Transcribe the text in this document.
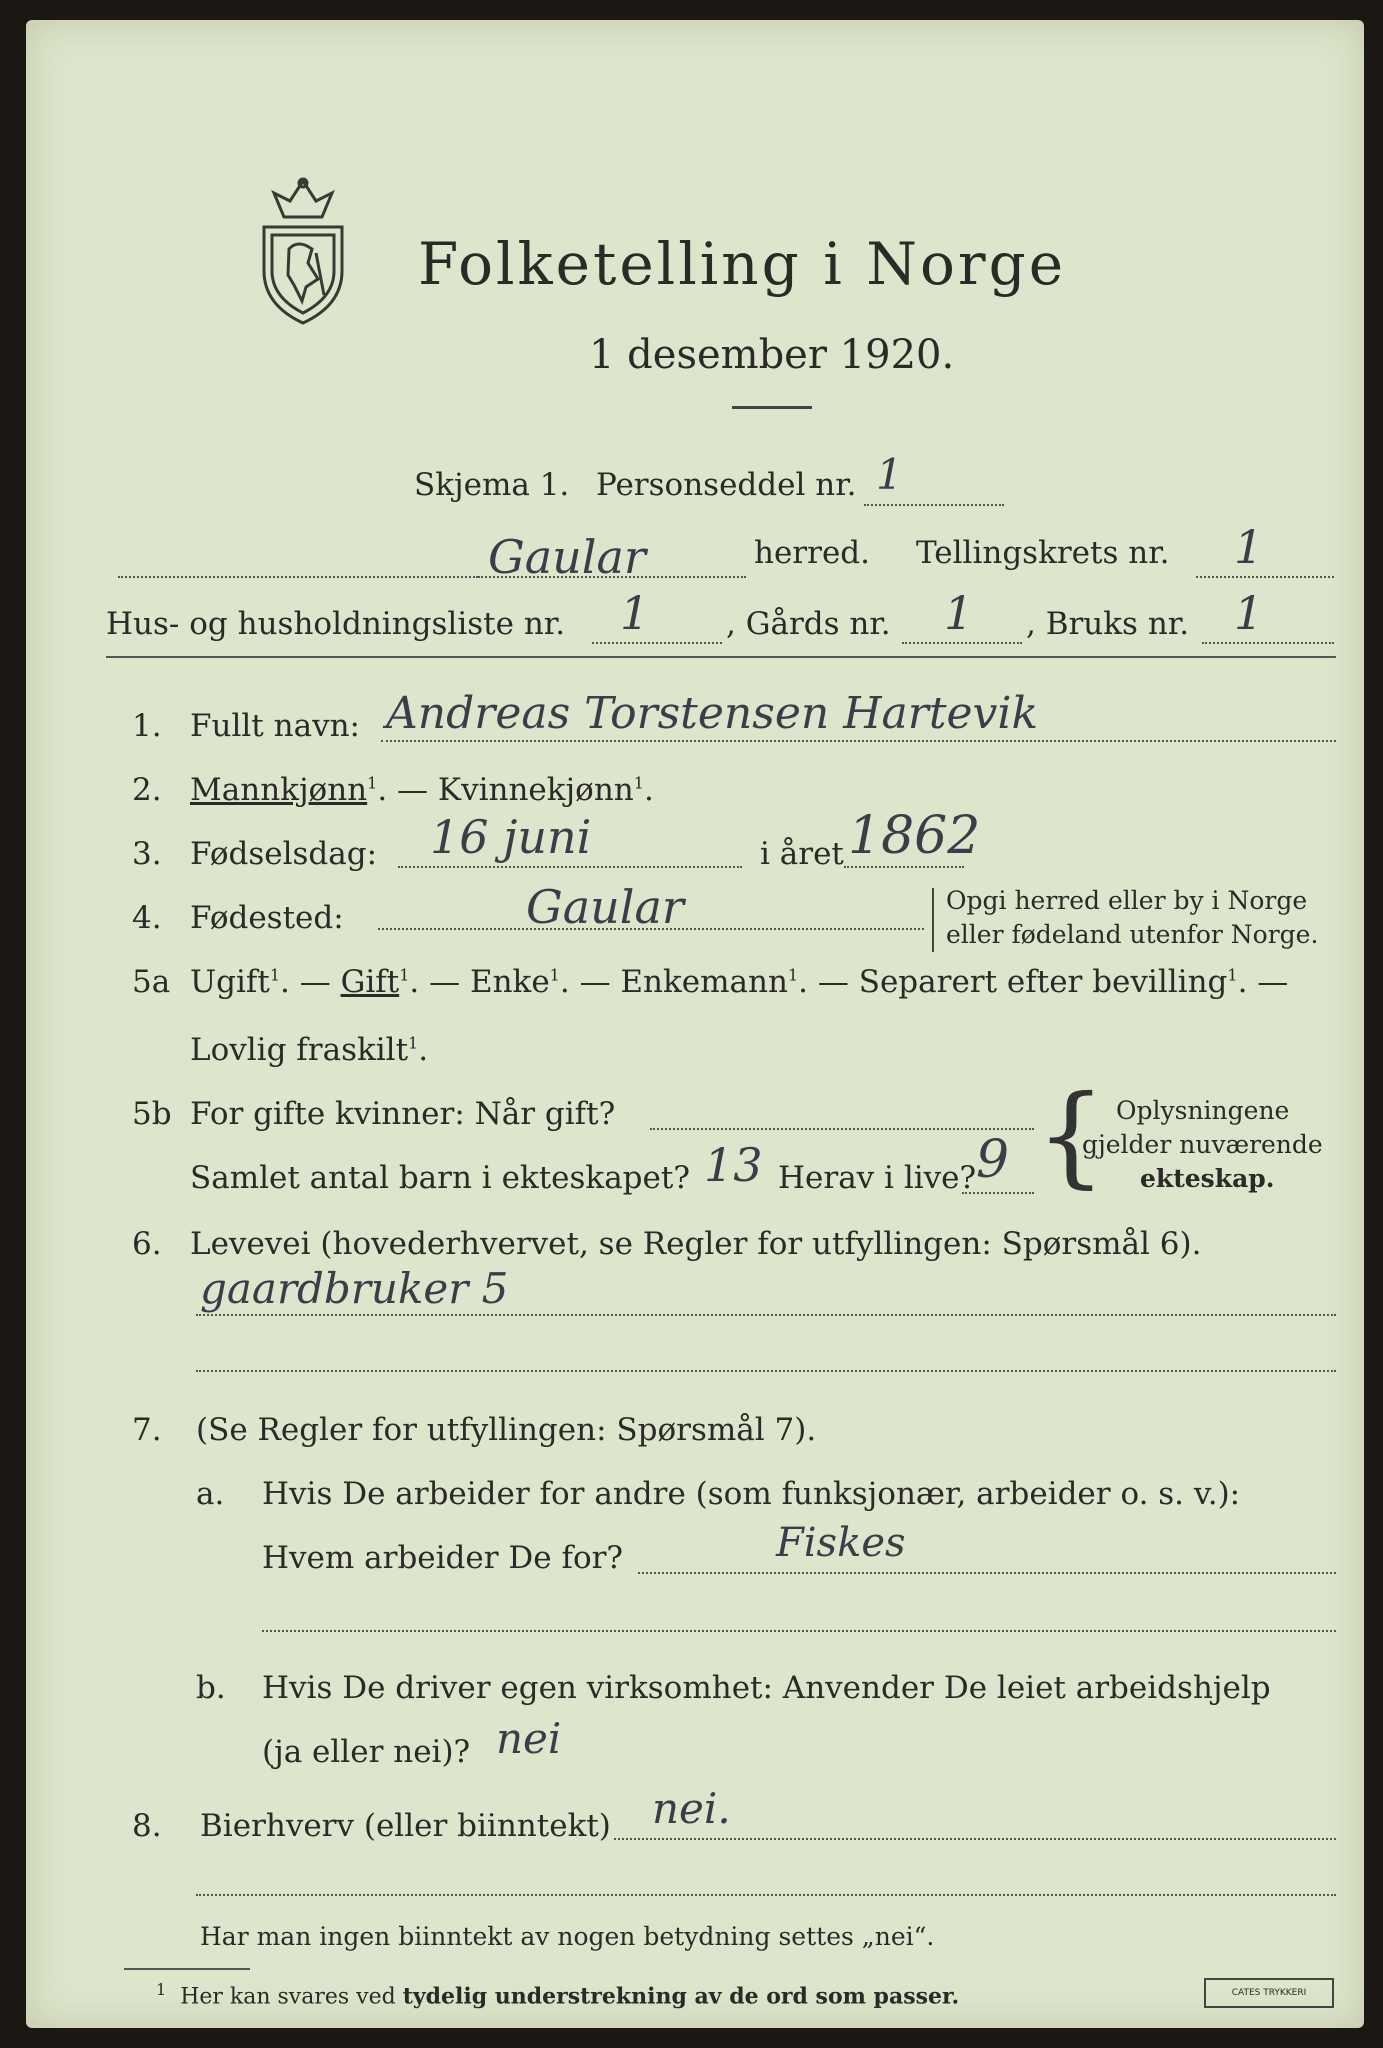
Folketelling i Norge
1 desember 1920.
Skjema 1. Personseddel nr. 1
Gaular	herred. Tellingskrets nr. 1
Hus- og husholdningsliste nr. 1 , Gårds nr. 1 , Bruks nr. 1
1. Fullt navn: Andreas Torstensen Hartevik
2. Mannkjønn$^1$. — Kvinnekjønn$^1$.
3. Fødselsdag: 16 juni	i året 1862
4. Fødested:	Gaular	Opgi herred eller by i Norge
eller fødeland utenfor Norge.
5a Ugift$^1$. — Gift$^1$. — Enke$^1$. — Enkemann$^1$. — Separert efter bevilling$^1$. —
Lovlig fraskilt$^1$.
5b For gifte kvinner: Når gift?
Samlet antal barn i ekteskapet? 13 Herav i live? 9 { Oplysningene
gjelder nuværende
ekteskap.
6. Levevei (hovederhvervet, se Regler for utfyllingen: Spørsmål 6).
gaardbruker 5
7. (Se Regler for utfyllingen: Spørsmål 7).
a. Hvis De arbeider for andre (som funksjonær, arbeider o. s. v.):
Hvem arbeider De for?	Fiskes
b. Hvis De driver egen virksomhet: Anvender De leiet arbeidshjelp
(ja eller nei)? nei
8. Bierhverv (eller biinntekt) nei.
Har man ingen biinntekt av nogen betydning settes „nei“.
$^1$ Her kan svares ved tydelig understrekning av de ord som passer.	CATES TRYKKERI
